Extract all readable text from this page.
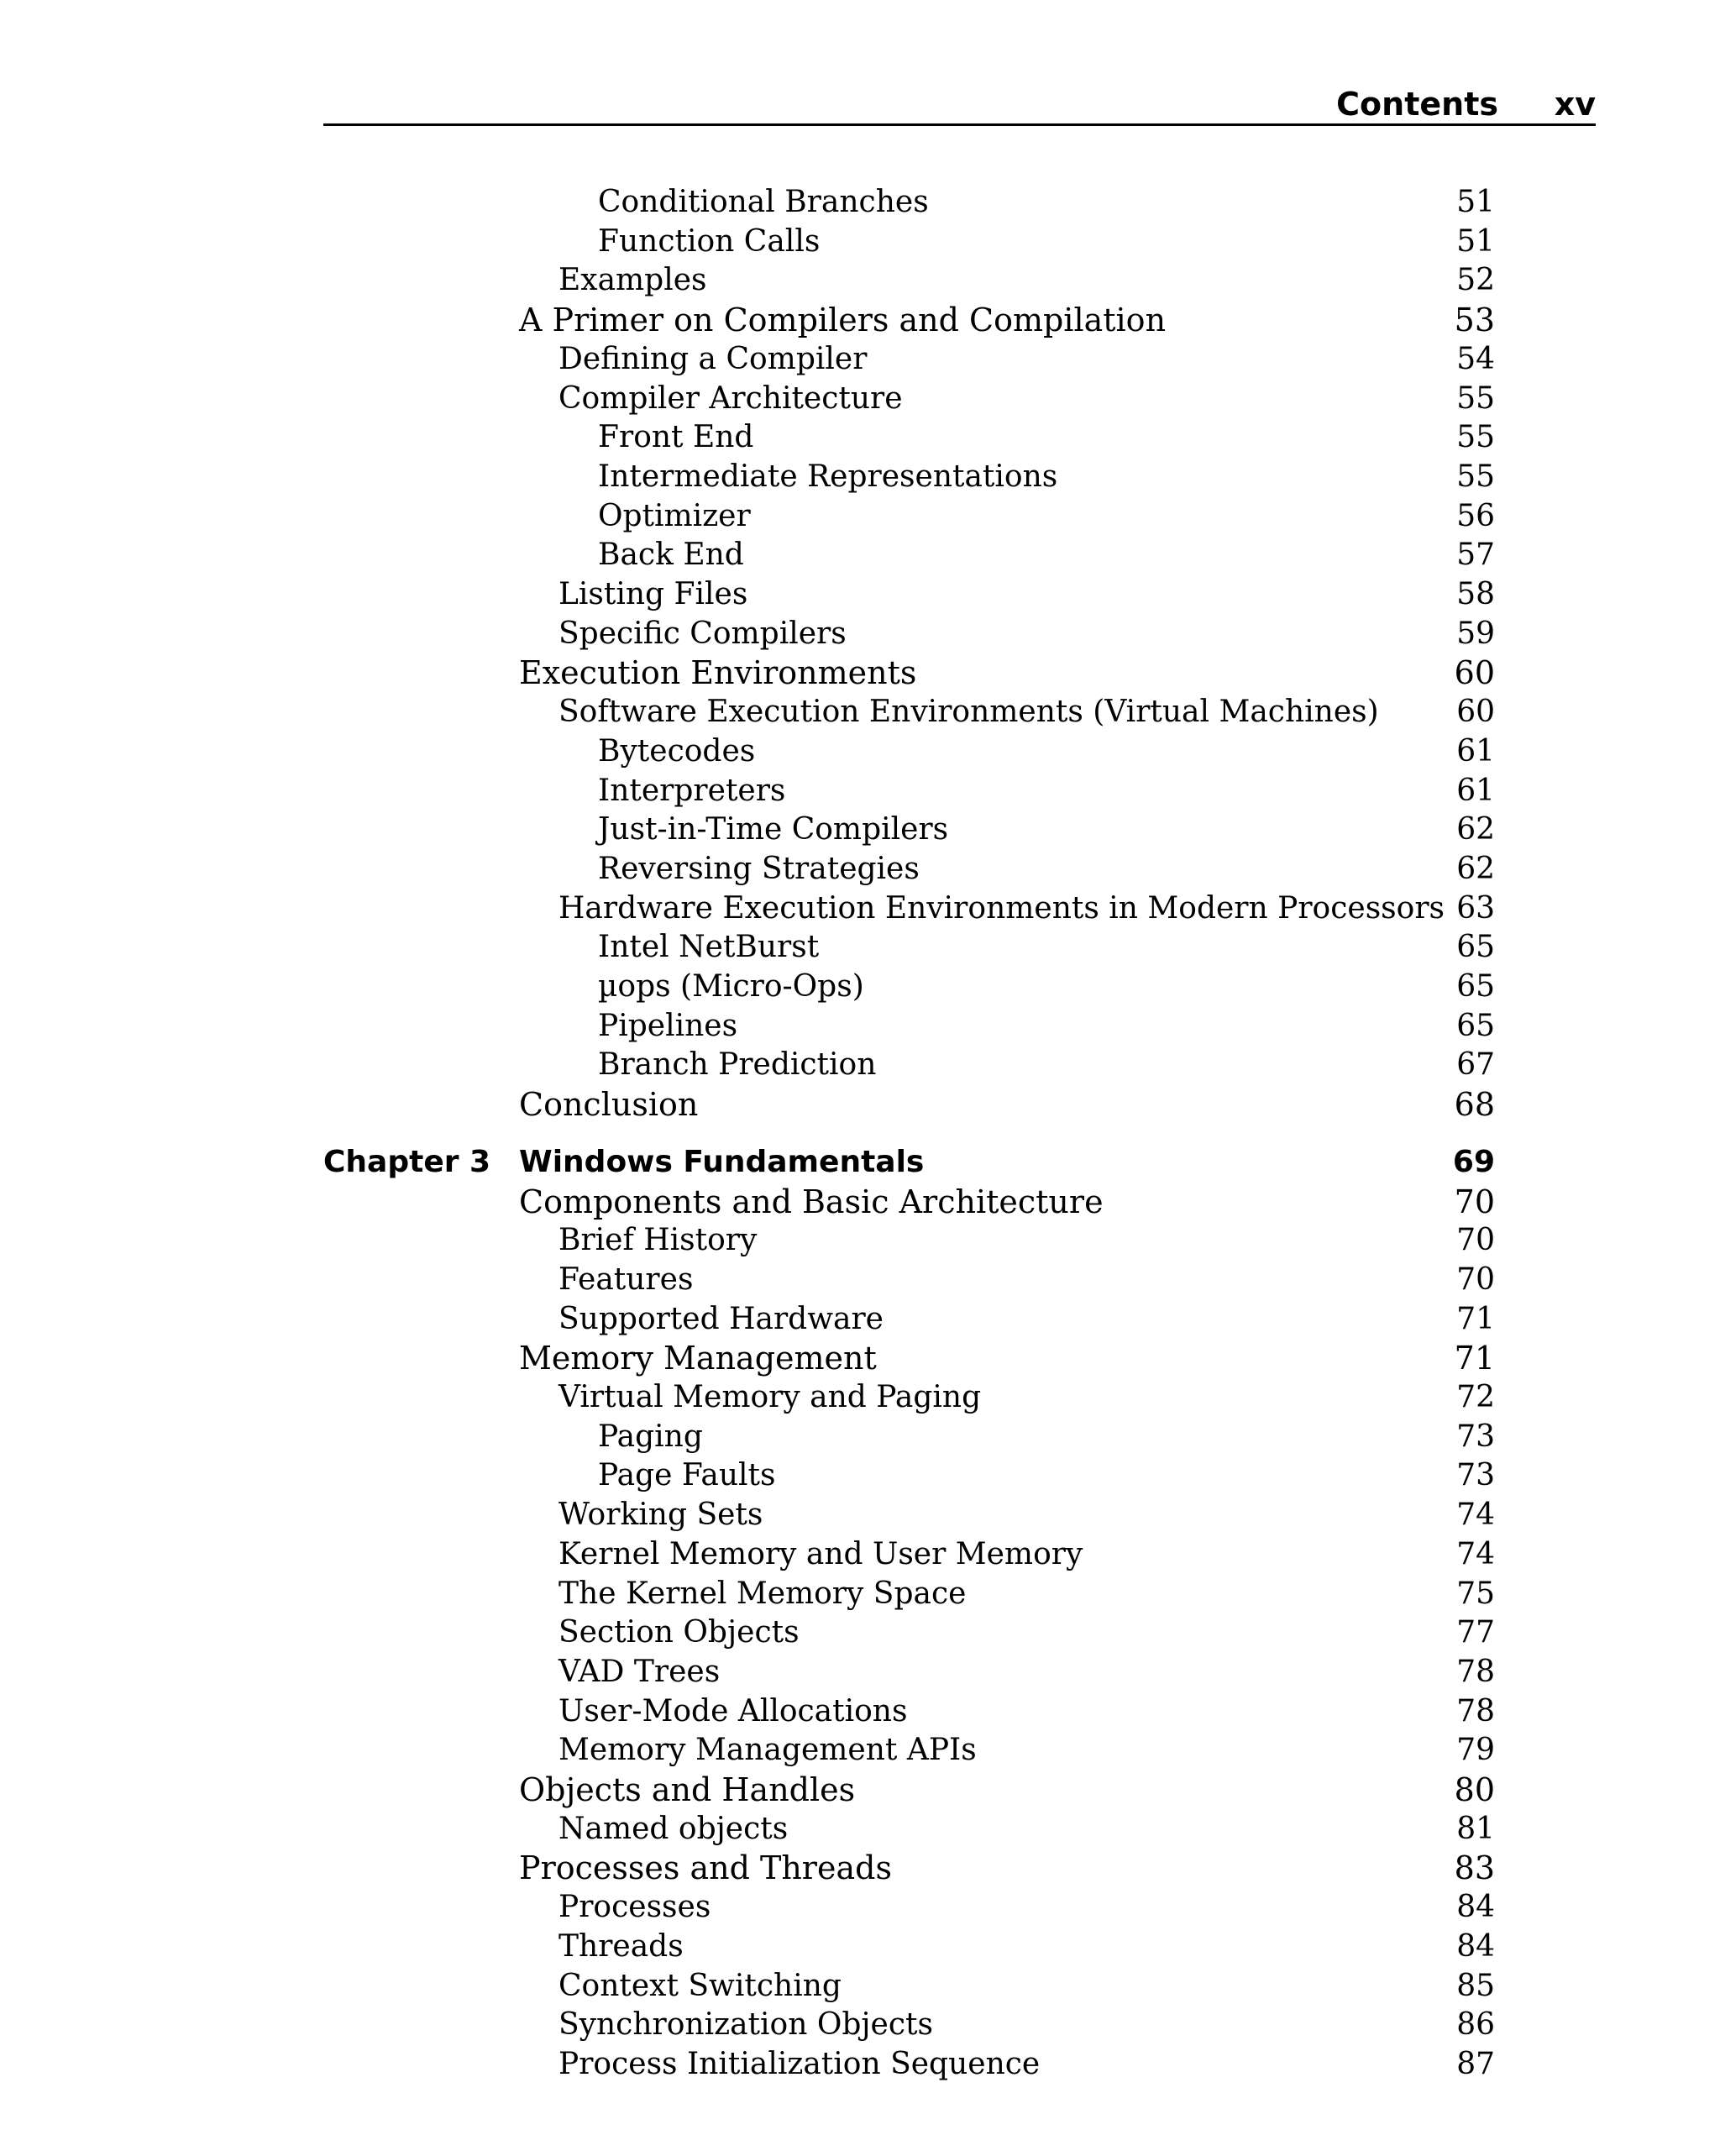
Contents xv
Conditional Branches	51
Function Calls	51
Examples	52
A Primer on Compilers and Compilation	53
Defining a Compiler	54
Compiler Architecture	55
Front End	55
Intermediate Representations	55
Optimizer	56
Back End	57
Listing Files	58
Specific Compilers	59
Execution Environments	60
Software Execution Environments (Virtual Machines)	60
Bytecodes	61
Interpreters	61
Just-in-Time Compilers	62
Reversing Strategies	62
Hardware Execution Environments in Modern Processors 63
Intel NetBurst	65
µops (Micro-Ops)	65
Pipelines	65
Branch Prediction	67
Conclusion	68
Chapter 3 Windows Fundamentals	69
Components and Basic Architecture	70
Brief History	70
Features	70
Supported Hardware	71
Memory Management	71
Virtual Memory and Paging	72
Paging	73
Page Faults	73
Working Sets	74
Kernel Memory and User Memory	74
The Kernel Memory Space	75
Section Objects	77
VAD Trees	78
User-Mode Allocations	78
Memory Management APIs	79
Objects and Handles	80
Named objects	81
Processes and Threads	83
Processes	84
Threads	84
Context Switching	85
Synchronization Objects	86
Process Initialization Sequence	87
